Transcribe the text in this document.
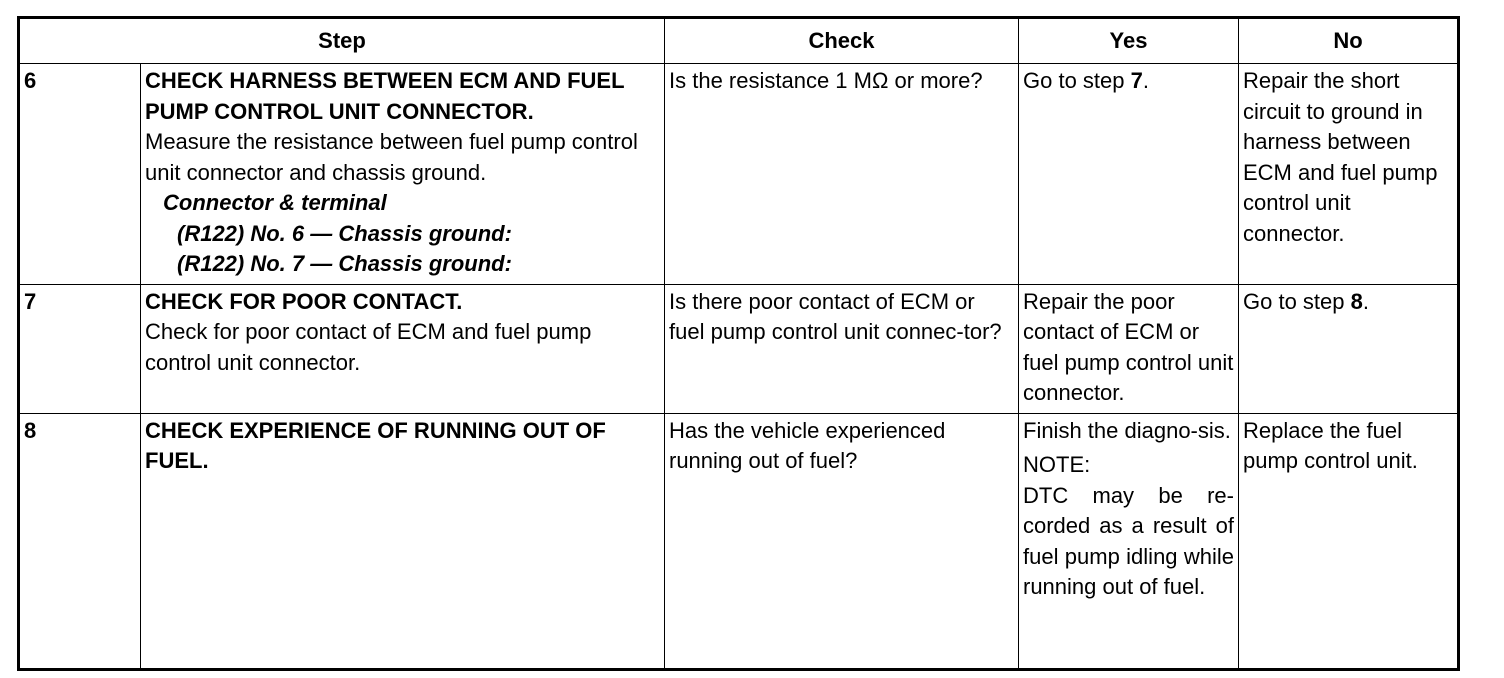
Step		Check	Yes	No
6	CHECK HARNESS BETWEEN ECM AND FUEL PUMP CONTROL UNIT CONNECTOR.
Measure the resistance between fuel pump control unit connector and chassis ground.
Connector & terminal
(R122) No. 6 — Chassis ground:
(R122) No. 7 — Chassis ground:	Is the resistance 1 MΩ or more?	Go to step 7.	Repair the short circuit to ground in harness between ECM and fuel pump control unit connector.
7	CHECK FOR POOR CONTACT.
Check for poor contact of ECM and fuel pump control unit connector.	Is there poor contact of ECM or fuel pump control unit connec-tor?	Repair the poor contact of ECM or fuel pump control unit connector.	Go to step 8.
8	CHECK EXPERIENCE OF RUNNING OUT OF FUEL.	Has the vehicle experienced running out of fuel?	Finish the diagno-sis.
NOTE:
DTC may be re-corded as a result of fuel pump idling while running out of fuel.	Replace the fuel pump control unit.
